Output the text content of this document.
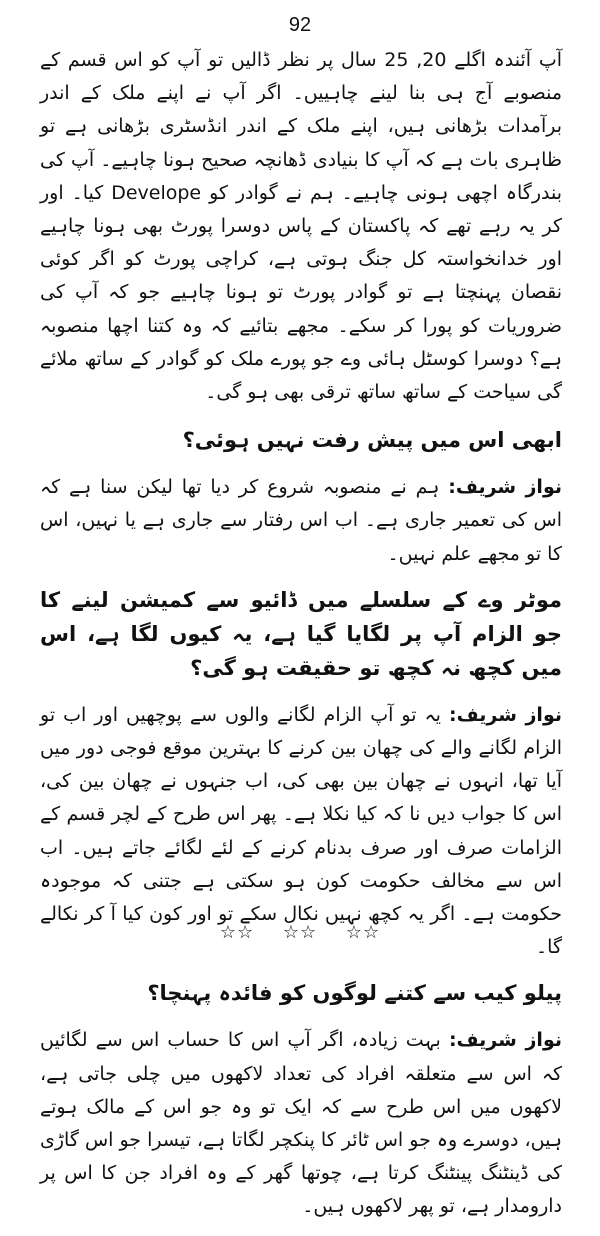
92

آپ آئندہ اگلے 20, 25 سال پر نظر ڈالیں تو آپ کو اس قسم کے منصوبے آج ہی بنا لینے چاہییں۔ اگر آپ نے اپنے ملک کے اندر برآمدات بڑھانی ہیں، اپنے ملک کے اندر انڈسٹری بڑھانی ہے تو ظاہری بات ہے کہ آپ کا بنیادی ڈھانچہ صحیح ہونا چاہیے۔ آپ کی بندرگاہ اچھی ہونی چاہیے۔ ہم نے گوادر کو Develope کیا۔ اور کر یہ رہے تھے کہ پاکستان کے پاس دوسرا پورٹ بھی ہونا چاہیے اور خدانخواستہ کل جنگ ہوتی ہے، کراچی پورٹ کو اگر کوئی نقصان پہنچتا ہے تو گوادر پورٹ تو ہونا چاہیے جو کہ آپ کی ضروریات کو پورا کر سکے۔ مجھے بتائیے کہ وہ کتنا اچھا منصوبہ ہے؟ دوسرا کوسٹل ہائی وے جو پورے ملک کو گوادر کے ساتھ ملائے گی سیاحت کے ساتھ ساتھ ترقی بھی ہو گی۔

ابھی اس میں پیش رفت نہیں ہوئی؟

نواز شریف: ہم نے منصوبہ شروع کر دیا تھا لیکن سنا ہے کہ اس کی تعمیر جاری ہے۔ اب اس رفتار سے جاری ہے یا نہیں، اس کا تو مجھے علم نہیں۔

موٹر وے کے سلسلے میں ڈائیو سے کمیشن لینے کا جو الزام آپ پر لگایا گیا ہے، یہ کیوں لگا ہے، اس میں کچھ نہ کچھ تو حقیقت ہو گی؟

نواز شریف: یہ تو آپ الزام لگانے والوں سے پوچھیں اور اب تو الزام لگانے والے کی چھان بین کرنے کا بہترین موقع فوجی دور میں آیا تھا، انہوں نے چھان بین بھی کی، اب جنہوں نے چھان بین کی، اس کا جواب دیں نا کہ کیا نکلا ہے۔ پھر اس طرح کے لچر قسم کے الزامات صرف اور صرف بدنام کرنے کے لئے لگائے جاتے ہیں۔ اب اس سے مخالف حکومت کون ہو سکتی ہے جتنی کہ موجودہ حکومت ہے۔ اگر یہ کچھ نہیں نکال سکے تو اور کون کیا آ کر نکالے گا۔

پیلو کیب سے کتنے لوگوں کو فائدہ پہنچا؟

نواز شریف: بہت زیادہ، اگر آپ اس کا حساب اس سے لگائیں کہ اس سے متعلقہ افراد کی تعداد لاکھوں میں چلی جاتی ہے، لاکھوں میں اس طرح سے کہ ایک تو وہ جو اس کے مالک ہوتے ہیں، دوسرے وہ جو اس ٹائر کا پنکچر لگاتا ہے، تیسرا جو اس گاڑی کی ڈینٹنگ پینٹنگ کرتا ہے، چوتھا گھر کے وہ افراد جن کا اس پر دارومدار ہے، تو پھر لاکھوں ہیں۔

☆☆ ☆☆ ☆☆
